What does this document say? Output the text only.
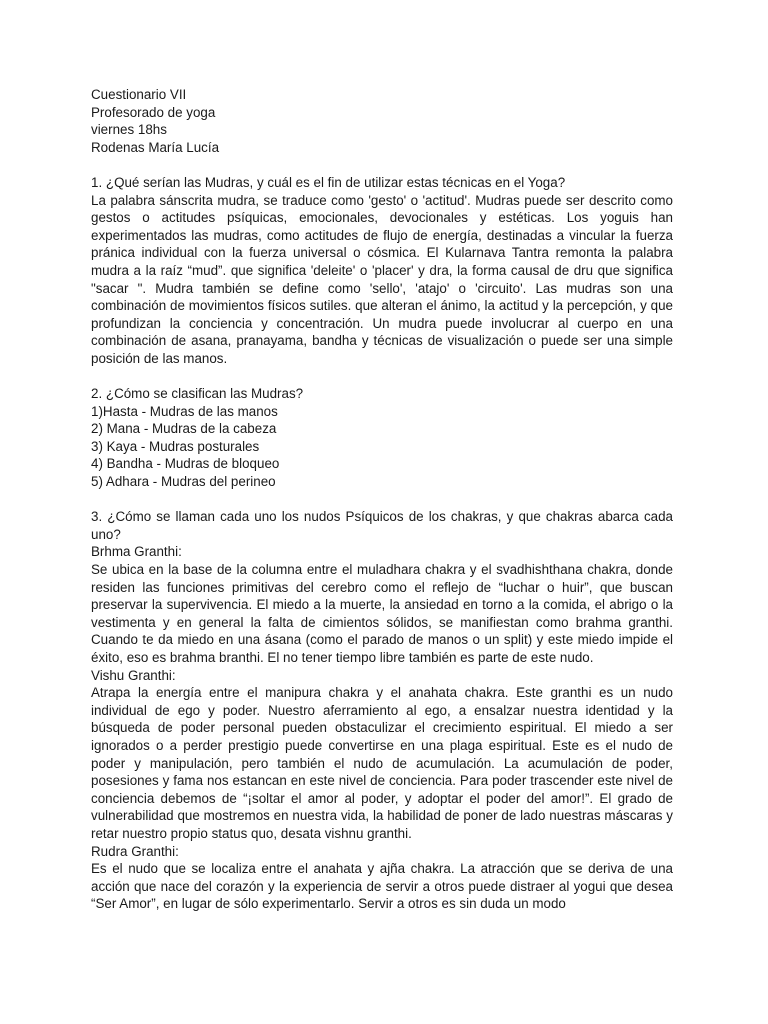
Cuestionario VII
Profesorado de yoga
viernes 18hs
Rodenas María Lucía

1. ¿Qué serían las Mudras, y cuál es el fin de utilizar estas técnicas en el Yoga?

La palabra sánscrita mudra, se traduce como 'gesto' o 'actitud'. Mudras puede ser descrito como gestos o actitudes psíquicas, emocionales, devocionales y estéticas. Los yoguis han experimentados las mudras, como actitudes de flujo de energía, destinadas a vincular la fuerza pránica individual con la fuerza universal o cósmica. El Kularnava Tantra remonta la palabra mudra a la raíz “mud”. que significa 'deleite' o 'placer' y dra, la forma causal de dru que significa "sacar ". Mudra también se define como 'sello', 'atajo' o 'circuito'. Las mudras son una combinación de movimientos físicos sutiles. que alteran el ánimo, la actitud y la percepción, y que profundizan la conciencia y concentración. Un mudra puede involucrar al cuerpo en una combinación de asana, pranayama, bandha y técnicas de visualización o puede ser una simple posición de las manos.

2. ¿Cómo se clasifican las Mudras?

1)Hasta - Mudras de las manos
2) Mana - Mudras de la cabeza
3) Kaya - Mudras posturales
4) Bandha - Mudras de bloqueo
5) Adhara - Mudras del perineo

3. ¿Cómo se llaman cada uno los nudos Psíquicos de los chakras, y que chakras abarca cada uno?

Brhma Granthi:

Se ubica en la base de la columna entre el muladhara chakra y el svadhishthana chakra, donde residen las funciones primitivas del cerebro como el reflejo de “luchar o huir”, que buscan preservar la supervivencia. El miedo a la muerte, la ansiedad en torno a la comida, el abrigo o la vestimenta y en general la falta de cimientos sólidos, se manifiestan como brahma granthi. Cuando te da miedo en una ásana (como el parado de manos o un split) y este miedo impide el éxito, eso es brahma branthi. El no tener tiempo libre también es parte de este nudo.

Vishu Granthi:

Atrapa la energía entre el manipura chakra y el anahata chakra. Este granthi es un nudo individual de ego y poder. Nuestro aferramiento al ego, a ensalzar nuestra identidad y la búsqueda de poder personal pueden obstaculizar el crecimiento espiritual. El miedo a ser ignorados o a perder prestigio puede convertirse en una plaga espiritual. Este es el nudo de poder y manipulación, pero también el nudo de acumulación. La acumulación de poder, posesiones y fama nos estancan en este nivel de conciencia. Para poder trascender este nivel de conciencia debemos de “¡soltar el amor al poder, y adoptar el poder del amor!”. El grado de vulnerabilidad que mostremos en nuestra vida, la habilidad de poner de lado nuestras máscaras y retar nuestro propio status quo, desata vishnu granthi.

Rudra Granthi:

Es el nudo que se localiza entre el anahata y ajña chakra. La atracción que se deriva de una acción que nace del corazón y la experiencia de servir a otros puede distraer al yogui que desea “Ser Amor”, en lugar de sólo experimentarlo. Servir a otros es sin duda un modo
